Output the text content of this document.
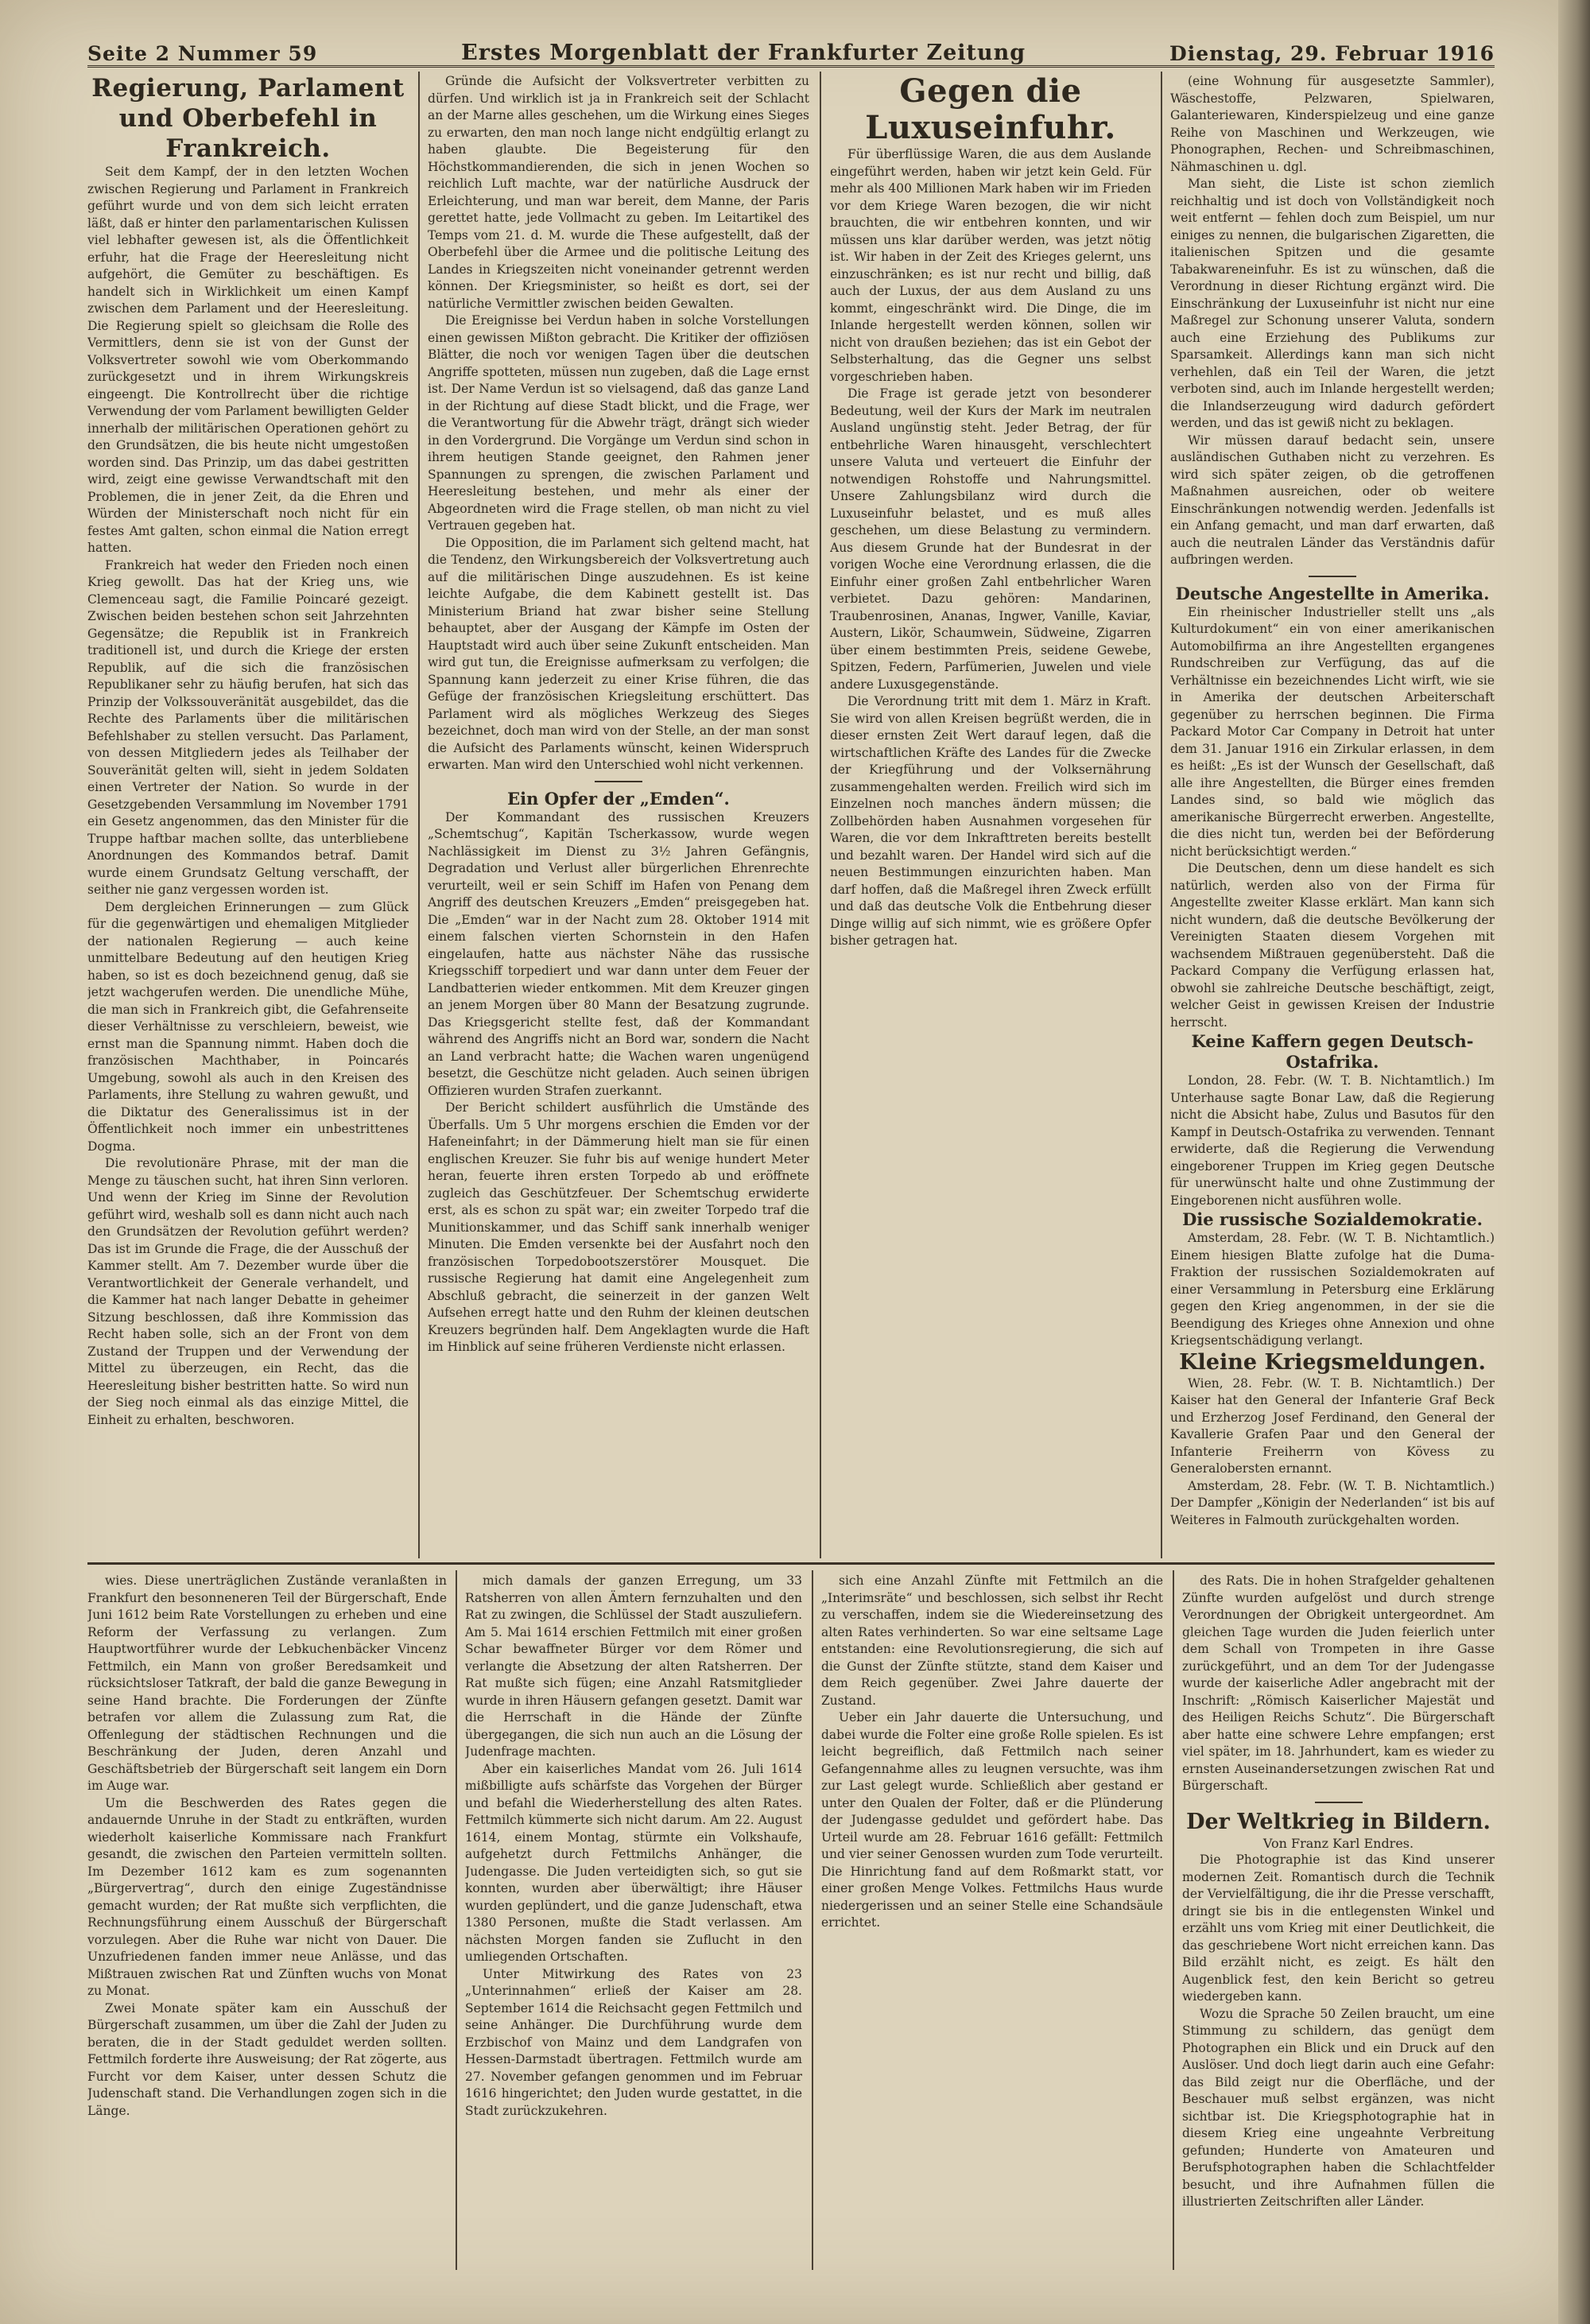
Seite 2 Nummer 59	Erstes Morgenblatt der Frankfurter Zeitung	Dienstag, 29. Februar 1916

Regierung, Parlament und Oberbefehl in Frankreich.

Seit dem Kampf, der in den letzten Wochen zwischen Regierung und Parlament in Frankreich geführt wurde und von dem sich leicht erraten läßt, daß er hinter den parlamentarischen Kulissen viel lebhafter gewesen ist, als die Öffentlichkeit erfuhr, hat die Frage der Heeresleitung nicht aufgehört, die Gemüter zu beschäftigen. Es handelt sich in Wirklichkeit um einen Kampf zwischen dem Parlament und der Heeresleitung. Die Regierung spielt so gleichsam die Rolle des Vermittlers, denn sie ist von der Gunst der Volksvertreter sowohl wie vom Oberkommando zurückgesetzt und in ihrem Wirkungskreis eingeengt. Die Kontrollrecht über die richtige Verwendung der vom Parlament bewilligten Gelder innerhalb der militärischen Operationen gehört zu den Grundsätzen, die bis heute nicht umgestoßen worden sind. Das Prinzip, um das dabei gestritten wird, zeigt eine gewisse Verwandtschaft mit den Problemen, die in jener Zeit, da die Ehren und Würden der Ministerschaft noch nicht für ein festes Amt galten, schon einmal die Nation erregt hatten.

Frankreich hat weder den Frieden noch einen Krieg gewollt. Das hat der Krieg uns, wie Clemenceau sagt, die Familie Poincaré gezeigt. Zwischen beiden bestehen schon seit Jahrzehnten Gegensätze; die Republik ist in Frankreich traditionell ist, und durch die Kriege der ersten Republik, auf die sich die französischen Republikaner sehr zu häufig berufen, hat sich das Prinzip der Volkssouveränität ausgebildet, das die Rechte des Parlaments über die militärischen Befehlshaber zu stellen versucht. Das Parlament, von dessen Mitgliedern jedes als Teilhaber der Souveränität gelten will, sieht in jedem Soldaten einen Vertreter der Nation. So wurde in der Gesetzgebenden Versammlung im November 1791 ein Gesetz angenommen, das den Minister für die Truppe haftbar machen sollte, das unterbliebene Anordnungen des Kommandos betraf. Damit wurde einem Grundsatz Geltung verschafft, der seither nie ganz vergessen worden ist.

Dem dergleichen Erinnerungen — zum Glück für die gegenwärtigen und ehemaligen Mitglieder der nationalen Regierung — auch keine unmittelbare Bedeutung auf den heutigen Krieg haben, so ist es doch bezeichnend genug, daß sie jetzt wachgerufen werden. Die unendliche Mühe, die man sich in Frankreich gibt, die Gefahrenseite dieser Verhältnisse zu verschleiern, beweist, wie ernst man die Spannung nimmt. Haben doch die französischen Machthaber, in Poincarés Umgebung, sowohl als auch in den Kreisen des Parlaments, ihre Stellung zu wahren gewußt, und die Diktatur des Generalissimus ist in der Öffentlichkeit noch immer ein unbestrittenes Dogma.

Die revolutionäre Phrase, mit der man die Menge zu täuschen sucht, hat ihren Sinn verloren. Und wenn der Krieg im Sinne der Revolution geführt wird, weshalb soll es dann nicht auch nach den Grundsätzen der Revolution geführt werden? Das ist im Grunde die Frage, die der Ausschuß der Kammer stellt. Am 7. Dezember wurde über die Verantwortlichkeit der Generale verhandelt, und die Kammer hat nach langer Debatte in geheimer Sitzung beschlossen, daß ihre Kommission das Recht haben solle, sich an der Front von dem Zustand der Truppen und der Verwendung der Mittel zu überzeugen, ein Recht, das die Heeresleitung bisher bestritten hatte. So wird nun der Sieg noch einmal als das einzige Mittel, die Einheit zu erhalten, beschworen.

Gründe die Aufsicht der Volksvertreter verbitten zu dürfen. Und wirklich ist ja in Frankreich seit der Schlacht an der Marne alles geschehen, um die Wirkung eines Sieges zu erwarten, den man noch lange nicht endgültig erlangt zu haben glaubte. Die Begeisterung für den Höchstkommandierenden, die sich in jenen Wochen so reichlich Luft machte, war der natürliche Ausdruck der Erleichterung, und man war bereit, dem Manne, der Paris gerettet hatte, jede Vollmacht zu geben. Im Leitartikel des Temps vom 21. d. M. wurde die These aufgestellt, daß der Oberbefehl über die Armee und die politische Leitung des Landes in Kriegszeiten nicht voneinander getrennt werden können. Der Kriegsminister, so heißt es dort, sei der natürliche Vermittler zwischen beiden Gewalten.

Die Ereignisse bei Verdun haben in solche Vorstellungen einen gewissen Mißton gebracht. Die Kritiker der offiziösen Blätter, die noch vor wenigen Tagen über die deutschen Angriffe spotteten, müssen nun zugeben, daß die Lage ernst ist. Der Name Verdun ist so vielsagend, daß das ganze Land in der Richtung auf diese Stadt blickt, und die Frage, wer die Verantwortung für die Abwehr trägt, drängt sich wieder in den Vordergrund. Die Vorgänge um Verdun sind schon in ihrem heutigen Stande geeignet, den Rahmen jener Spannungen zu sprengen, die zwischen Parlament und Heeresleitung bestehen, und mehr als einer der Abgeordneten wird die Frage stellen, ob man nicht zu viel Vertrauen gegeben hat.

Die Opposition, die im Parlament sich geltend macht, hat die Tendenz, den Wirkungsbereich der Volksvertretung auch auf die militärischen Dinge auszudehnen. Es ist keine leichte Aufgabe, die dem Kabinett gestellt ist. Das Ministerium Briand hat zwar bisher seine Stellung behauptet, aber der Ausgang der Kämpfe im Osten der Hauptstadt wird auch über seine Zukunft entscheiden. Man wird gut tun, die Ereignisse aufmerksam zu verfolgen; die Spannung kann jederzeit zu einer Krise führen, die das Gefüge der französischen Kriegsleitung erschüttert. Das Parlament wird als mögliches Werkzeug des Sieges bezeichnet, doch man wird von der Stelle, an der man sonst die Aufsicht des Parlaments wünscht, keinen Widerspruch erwarten. Man wird den Unterschied wohl nicht verkennen.

Ein Opfer der „Emden“.

Der Kommandant des russischen Kreuzers „Schemtschug“, Kapitän Tscherkassow, wurde wegen Nachlässigkeit im Dienst zu 3½ Jahren Gefängnis, Degradation und Verlust aller bürgerlichen Ehrenrechte verurteilt, weil er sein Schiff im Hafen von Penang dem Angriff des deutschen Kreuzers „Emden“ preisgegeben hat. Die „Emden“ war in der Nacht zum 28. Oktober 1914 mit einem falschen vierten Schornstein in den Hafen eingelaufen, hatte aus nächster Nähe das russische Kriegsschiff torpediert und war dann unter dem Feuer der Landbatterien wieder entkommen. Mit dem Kreuzer gingen an jenem Morgen über 80 Mann der Besatzung zugrunde. Das Kriegsgericht stellte fest, daß der Kommandant während des Angriffs nicht an Bord war, sondern die Nacht an Land verbracht hatte; die Wachen waren ungenügend besetzt, die Geschütze nicht geladen. Auch seinen übrigen Offizieren wurden Strafen zuerkannt.

Der Bericht schildert ausführlich die Umstände des Überfalls. Um 5 Uhr morgens erschien die Emden vor der Hafeneinfahrt; in der Dämmerung hielt man sie für einen englischen Kreuzer. Sie fuhr bis auf wenige hundert Meter heran, feuerte ihren ersten Torpedo ab und eröffnete zugleich das Geschützfeuer. Der Schemtschug erwiderte erst, als es schon zu spät war; ein zweiter Torpedo traf die Munitionskammer, und das Schiff sank innerhalb weniger Minuten. Die Emden versenkte bei der Ausfahrt noch den französischen Torpedobootszerstörer Mousquet. Die russische Regierung hat damit eine Angelegenheit zum Abschluß gebracht, die seinerzeit in der ganzen Welt Aufsehen erregt hatte und den Ruhm der kleinen deutschen Kreuzers begründen half. Dem Angeklagten wurde die Haft im Hinblick auf seine früheren Verdienste nicht erlassen.

Gegen die Luxuseinfuhr.

Für überflüssige Waren, die aus dem Auslande eingeführt werden, haben wir jetzt kein Geld. Für mehr als 400 Millionen Mark haben wir im Frieden vor dem Kriege Waren bezogen, die wir nicht brauchten, die wir entbehren konnten, und wir müssen uns klar darüber werden, was jetzt nötig ist. Wir haben in der Zeit des Krieges gelernt, uns einzuschränken; es ist nur recht und billig, daß auch der Luxus, der aus dem Ausland zu uns kommt, eingeschränkt wird. Die Dinge, die im Inlande hergestellt werden können, sollen wir nicht von draußen beziehen; das ist ein Gebot der Selbsterhaltung, das die Gegner uns selbst vorgeschrieben haben.

Die Frage ist gerade jetzt von besonderer Bedeutung, weil der Kurs der Mark im neutralen Ausland ungünstig steht. Jeder Betrag, der für entbehrliche Waren hinausgeht, verschlechtert unsere Valuta und verteuert die Einfuhr der notwendigen Rohstoffe und Nahrungsmittel. Unsere Zahlungsbilanz wird durch die Luxuseinfuhr belastet, und es muß alles geschehen, um diese Belastung zu vermindern. Aus diesem Grunde hat der Bundesrat in der vorigen Woche eine Verordnung erlassen, die die Einfuhr einer großen Zahl entbehrlicher Waren verbietet. Dazu gehören: Mandarinen, Traubenrosinen, Ananas, Ingwer, Vanille, Kaviar, Austern, Likör, Schaumwein, Südweine, Zigarren über einem bestimmten Preis, seidene Gewebe, Spitzen, Federn, Parfümerien, Juwelen und viele andere Luxusgegenstände.

Die Verordnung tritt mit dem 1. März in Kraft. Sie wird von allen Kreisen begrüßt werden, die in dieser ernsten Zeit Wert darauf legen, daß die wirtschaftlichen Kräfte des Landes für die Zwecke der Kriegführung und der Volksernährung zusammengehalten werden. Freilich wird sich im Einzelnen noch manches ändern müssen; die Zollbehörden haben Ausnahmen vorgesehen für Waren, die vor dem Inkrafttreten bereits bestellt und bezahlt waren. Der Handel wird sich auf die neuen Bestimmungen einzurichten haben. Man darf hoffen, daß die Maßregel ihren Zweck erfüllt und daß das deutsche Volk die Entbehrung dieser Dinge willig auf sich nimmt, wie es größere Opfer bisher getragen hat.

(eine Wohnung für ausgesetzte Sammler), Wäschestoffe, Pelzwaren, Spielwaren, Galanteriewaren, Kinderspielzeug und eine ganze Reihe von Maschinen und Werkzeugen, wie Phonographen, Rechen- und Schreibmaschinen, Nähmaschinen u. dgl.

Man sieht, die Liste ist schon ziemlich reichhaltig und ist doch von Vollständigkeit noch weit entfernt — fehlen doch zum Beispiel, um nur einiges zu nennen, die bulgarischen Zigaretten, die italienischen Spitzen und die gesamte Tabakwareneinfuhr. Es ist zu wünschen, daß die Verordnung in dieser Richtung ergänzt wird. Die Einschränkung der Luxuseinfuhr ist nicht nur eine Maßregel zur Schonung unserer Valuta, sondern auch eine Erziehung des Publikums zur Sparsamkeit. Allerdings kann man sich nicht verhehlen, daß ein Teil der Waren, die jetzt verboten sind, auch im Inlande hergestellt werden; die Inlandserzeugung wird dadurch gefördert werden, und das ist gewiß nicht zu beklagen.

Wir müssen darauf bedacht sein, unsere ausländischen Guthaben nicht zu verzehren. Es wird sich später zeigen, ob die getroffenen Maßnahmen ausreichen, oder ob weitere Einschränkungen notwendig werden. Jedenfalls ist ein Anfang gemacht, und man darf erwarten, daß auch die neutralen Länder das Verständnis dafür aufbringen werden.

Deutsche Angestellte in Amerika.

Ein rheinischer Industrieller stellt uns „als Kulturdokument“ ein von einer amerikanischen Automobilfirma an ihre Angestellten ergangenes Rundschreiben zur Verfügung, das auf die Verhältnisse ein bezeichnendes Licht wirft, wie sie in Amerika der deutschen Arbeiterschaft gegenüber zu herrschen beginnen. Die Firma Packard Motor Car Company in Detroit hat unter dem 31. Januar 1916 ein Zirkular erlassen, in dem es heißt: „Es ist der Wunsch der Gesellschaft, daß alle ihre Angestellten, die Bürger eines fremden Landes sind, so bald wie möglich das amerikanische Bürgerrecht erwerben. Angestellte, die dies nicht tun, werden bei der Beförderung nicht berücksichtigt werden.“

Die Deutschen, denn um diese handelt es sich natürlich, werden also von der Firma für Angestellte zweiter Klasse erklärt. Man kann sich nicht wundern, daß die deutsche Bevölkerung der Vereinigten Staaten diesem Vorgehen mit wachsendem Mißtrauen gegenübersteht. Daß die Packard Company die Verfügung erlassen hat, obwohl sie zahlreiche Deutsche beschäftigt, zeigt, welcher Geist in gewissen Kreisen der Industrie herrscht.

Keine Kaffern gegen Deutsch-Ostafrika.

London, 28. Febr. (W. T. B. Nichtamtlich.) Im Unterhause sagte Bonar Law, daß die Regierung nicht die Absicht habe, Zulus und Basutos für den Kampf in Deutsch-Ostafrika zu verwenden. Tennant erwiderte, daß die Regierung die Verwendung eingeborener Truppen im Krieg gegen Deutsche für unerwünscht halte und ohne Zustimmung der Eingeborenen nicht ausführen wolle.

Die russische Sozialdemokratie.

Amsterdam, 28. Febr. (W. T. B. Nichtamtlich.) Einem hiesigen Blatte zufolge hat die Duma-Fraktion der russischen Sozialdemokraten auf einer Versammlung in Petersburg eine Erklärung gegen den Krieg angenommen, in der sie die Beendigung des Krieges ohne Annexion und ohne Kriegsentschädigung verlangt.

Kleine Kriegsmeldungen.

Wien, 28. Febr. (W. T. B. Nichtamtlich.) Der Kaiser hat den General der Infanterie Graf Beck und Erzherzog Josef Ferdinand, den General der Kavallerie Grafen Paar und den General der Infanterie Freiherrn von Kövess zu Generalobersten ernannt.

Amsterdam, 28. Febr. (W. T. B. Nichtamtlich.) Der Dampfer „Königin der Nederlanden“ ist bis auf Weiteres in Falmouth zurückgehalten worden.

wies. Diese unerträglichen Zustände veranlaßten in Frankfurt den besonneneren Teil der Bürgerschaft, Ende Juni 1612 beim Rate Vorstellungen zu erheben und eine Reform der Verfassung zu verlangen. Zum Hauptwortführer wurde der Lebkuchenbäcker Vincenz Fettmilch, ein Mann von großer Beredsamkeit und rücksichtsloser Tatkraft, der bald die ganze Bewegung in seine Hand brachte. Die Forderungen der Zünfte betrafen vor allem die Zulassung zum Rat, die Offenlegung der städtischen Rechnungen und die Beschränkung der Juden, deren Anzahl und Geschäftsbetrieb der Bürgerschaft seit langem ein Dorn im Auge war.

Um die Beschwerden des Rates gegen die andauernde Unruhe in der Stadt zu entkräften, wurden wiederholt kaiserliche Kommissare nach Frankfurt gesandt, die zwischen den Parteien vermitteln sollten. Im Dezember 1612 kam es zum sogenannten „Bürgervertrag“, durch den einige Zugeständnisse gemacht wurden; der Rat mußte sich verpflichten, die Rechnungsführung einem Ausschuß der Bürgerschaft vorzulegen. Aber die Ruhe war nicht von Dauer. Die Unzufriedenen fanden immer neue Anlässe, und das Mißtrauen zwischen Rat und Zünften wuchs von Monat zu Monat.

Zwei Monate später kam ein Ausschuß der Bürgerschaft zusammen, um über die Zahl der Juden zu beraten, die in der Stadt geduldet werden sollten. Fettmilch forderte ihre Ausweisung; der Rat zögerte, aus Furcht vor dem Kaiser, unter dessen Schutz die Judenschaft stand. Die Verhandlungen zogen sich in die Länge.

mich damals der ganzen Erregung, um 33 Ratsherren von allen Ämtern fernzuhalten und den Rat zu zwingen, die Schlüssel der Stadt auszuliefern. Am 5. Mai 1614 erschien Fettmilch mit einer großen Schar bewaffneter Bürger vor dem Römer und verlangte die Absetzung der alten Ratsherren. Der Rat mußte sich fügen; eine Anzahl Ratsmitglieder wurde in ihren Häusern gefangen gesetzt. Damit war die Herrschaft in die Hände der Zünfte übergegangen, die sich nun auch an die Lösung der Judenfrage machten.

Aber ein kaiserliches Mandat vom 26. Juli 1614 mißbilligte aufs schärfste das Vorgehen der Bürger und befahl die Wiederherstellung des alten Rates. Fettmilch kümmerte sich nicht darum. Am 22. August 1614, einem Montag, stürmte ein Volkshaufe, aufgehetzt durch Fettmilchs Anhänger, die Judengasse. Die Juden verteidigten sich, so gut sie konnten, wurden aber überwältigt; ihre Häuser wurden geplündert, und die ganze Judenschaft, etwa 1380 Personen, mußte die Stadt verlassen. Am nächsten Morgen fanden sie Zuflucht in den umliegenden Ortschaften.

Unter Mitwirkung des Rates von 23 „Unterinnahmen“ erließ der Kaiser am 28. September 1614 die Reichsacht gegen Fettmilch und seine Anhänger. Die Durchführung wurde dem Erzbischof von Mainz und dem Landgrafen von Hessen-Darmstadt übertragen. Fettmilch wurde am 27. November gefangen genommen und im Februar 1616 hingerichtet; den Juden wurde gestattet, in die Stadt zurückzukehren.

sich eine Anzahl Zünfte mit Fettmilch an die „Interimsräte“ und beschlossen, sich selbst ihr Recht zu verschaffen, indem sie die Wiedereinsetzung des alten Rates verhinderten. So war eine seltsame Lage entstanden: eine Revolutionsregierung, die sich auf die Gunst der Zünfte stützte, stand dem Kaiser und dem Reich gegenüber. Zwei Jahre dauerte der Zustand.

Ueber ein Jahr dauerte die Untersuchung, und dabei wurde die Folter eine große Rolle spielen. Es ist leicht begreiflich, daß Fettmilch nach seiner Gefangennahme alles zu leugnen versuchte, was ihm zur Last gelegt wurde. Schließlich aber gestand er unter den Qualen der Folter, daß er die Plünderung der Judengasse geduldet und gefördert habe. Das Urteil wurde am 28. Februar 1616 gefällt: Fettmilch und vier seiner Genossen wurden zum Tode verurteilt. Die Hinrichtung fand auf dem Roßmarkt statt, vor einer großen Menge Volkes. Fettmilchs Haus wurde niedergerissen und an seiner Stelle eine Schandsäule errichtet.

des Rats. Die in hohen Strafgelder gehaltenen Zünfte wurden aufgelöst und durch strenge Verordnungen der Obrigkeit untergeordnet. Am gleichen Tage wurden die Juden feierlich unter dem Schall von Trompeten in ihre Gasse zurückgeführt, und an dem Tor der Judengasse wurde der kaiserliche Adler angebracht mit der Inschrift: „Römisch Kaiserlicher Majestät und des Heiligen Reichs Schutz“. Die Bürgerschaft aber hatte eine schwere Lehre empfangen; erst viel später, im 18. Jahrhundert, kam es wieder zu ernsten Auseinandersetzungen zwischen Rat und Bürgerschaft.

Der Weltkrieg in Bildern.

Von Franz Karl Endres.

Die Photographie ist das Kind unserer modernen Zeit. Romantisch durch die Technik der Vervielfältigung, die ihr die Presse verschafft, dringt sie bis in die entlegensten Winkel und erzählt uns vom Krieg mit einer Deutlichkeit, die das geschriebene Wort nicht erreichen kann. Das Bild erzählt nicht, es zeigt. Es hält den Augenblick fest, den kein Bericht so getreu wiedergeben kann.

Wozu die Sprache 50 Zeilen braucht, um eine Stimmung zu schildern, das genügt dem Photographen ein Blick und ein Druck auf den Auslöser. Und doch liegt darin auch eine Gefahr: das Bild zeigt nur die Oberfläche, und der Beschauer muß selbst ergänzen, was nicht sichtbar ist. Die Kriegsphotographie hat in diesem Krieg eine ungeahnte Verbreitung gefunden; Hunderte von Amateuren und Berufsphotographen haben die Schlachtfelder besucht, und ihre Aufnahmen füllen die illustrierten Zeitschriften aller Länder.
